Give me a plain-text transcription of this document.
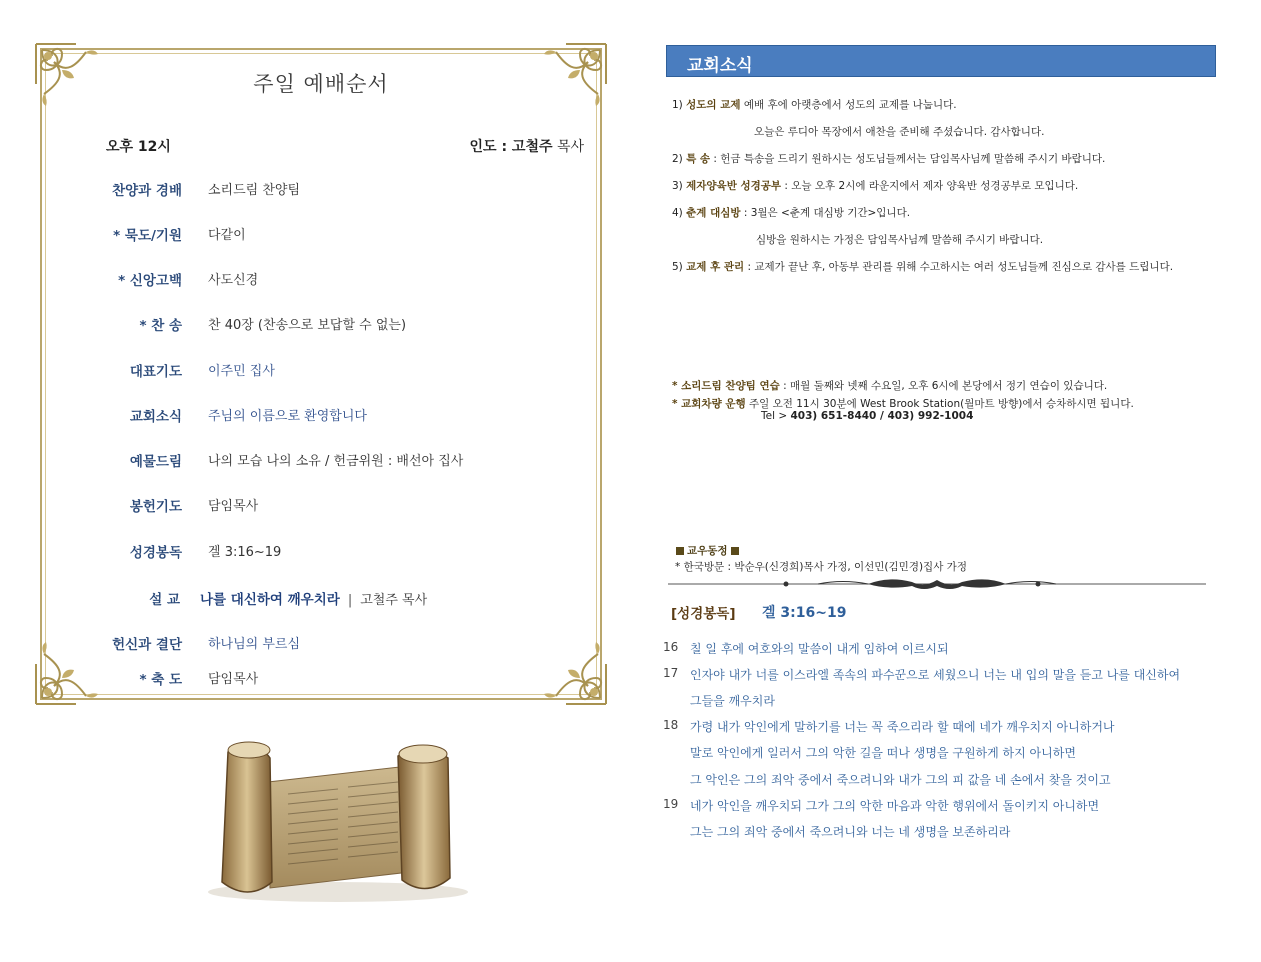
주일 예배순서
오후 12시	인도 : 고철주 목사
찬양과 경배 소리드림 찬양팀
* 묵도/기원 다같이
* 신앙고백 사도신경
* 찬 송 찬 40장 (찬송으로 보답할 수 없는)
대표기도 이주민 집사
교회소식 주님의 이름으로 환영합니다
예물드림 나의 모습 나의 소유 / 헌금위원 : 배선아 집사
봉헌기도 담임목사
성경봉독 겔 3:16~19
설 교 나를 대신하여 깨우치라 | 고철주 목사
헌신과 결단 하나님의 부르심
* 축 도 담임목사
교회소식
1) 성도의 교제 예배 후에 아랫층에서 성도의 교제를 나눕니다.
오늘은 루디아 목장에서 애찬을 준비해 주셨습니다. 감사합니다.
2) 특 송 : 헌금 특송을 드리기 원하시는 성도님들께서는 담임목사님께 말씀해 주시기 바랍니다.
3) 제자양육반 성경공부 : 오늘 오후 2시에 라운지에서 제자 양육반 성경공부로 모입니다.
4) 춘계 대심방 : 3월은 <춘계 대심방 기간>입니다.
심방을 원하시는 가정은 담임목사님께 말씀해 주시기 바랍니다.
5) 교제 후 관리 : 교제가 끝난 후, 아동부 관리를 위해 수고하시는 여러 성도님들께 진심으로 감사를 드립니다.
* 소리드림 찬양팀 연습 : 매월 둘째와 넷째 수요일, 오후 6시에 본당에서 정기 연습이 있습니다.
* 교회차량 운행 주일 오전 11시 30분에 West Brook Station(월마트 방향)에서 승차하시면 됩니다.
Tel > 403) 651-8440 / 403) 992-1004
교우동정
* 한국방문 : 박순우(신경희)목사 가정, 이선민(김민경)집사 가정
[성경봉독] 겔 3:16~19
16 칠 일 후에 여호와의 말씀이 내게 임하여 이르시되
17 인자야 내가 너를 이스라엘 족속의 파수꾼으로 세웠으니 너는 내 입의 말을 듣고 나를 대신하여
그들을 깨우치라
18 가령 내가 악인에게 말하기를 너는 꼭 죽으리라 할 때에 네가 깨우치지 아니하거나
말로 악인에게 일러서 그의 악한 길을 떠나 생명을 구원하게 하지 아니하면
그 악인은 그의 죄악 중에서 죽으려니와 내가 그의 피 값을 네 손에서 찾을 것이고
19 네가 악인을 깨우치되 그가 그의 악한 마음과 악한 행위에서 돌이키지 아니하면
그는 그의 죄악 중에서 죽으려니와 너는 네 생명을 보존하리라
